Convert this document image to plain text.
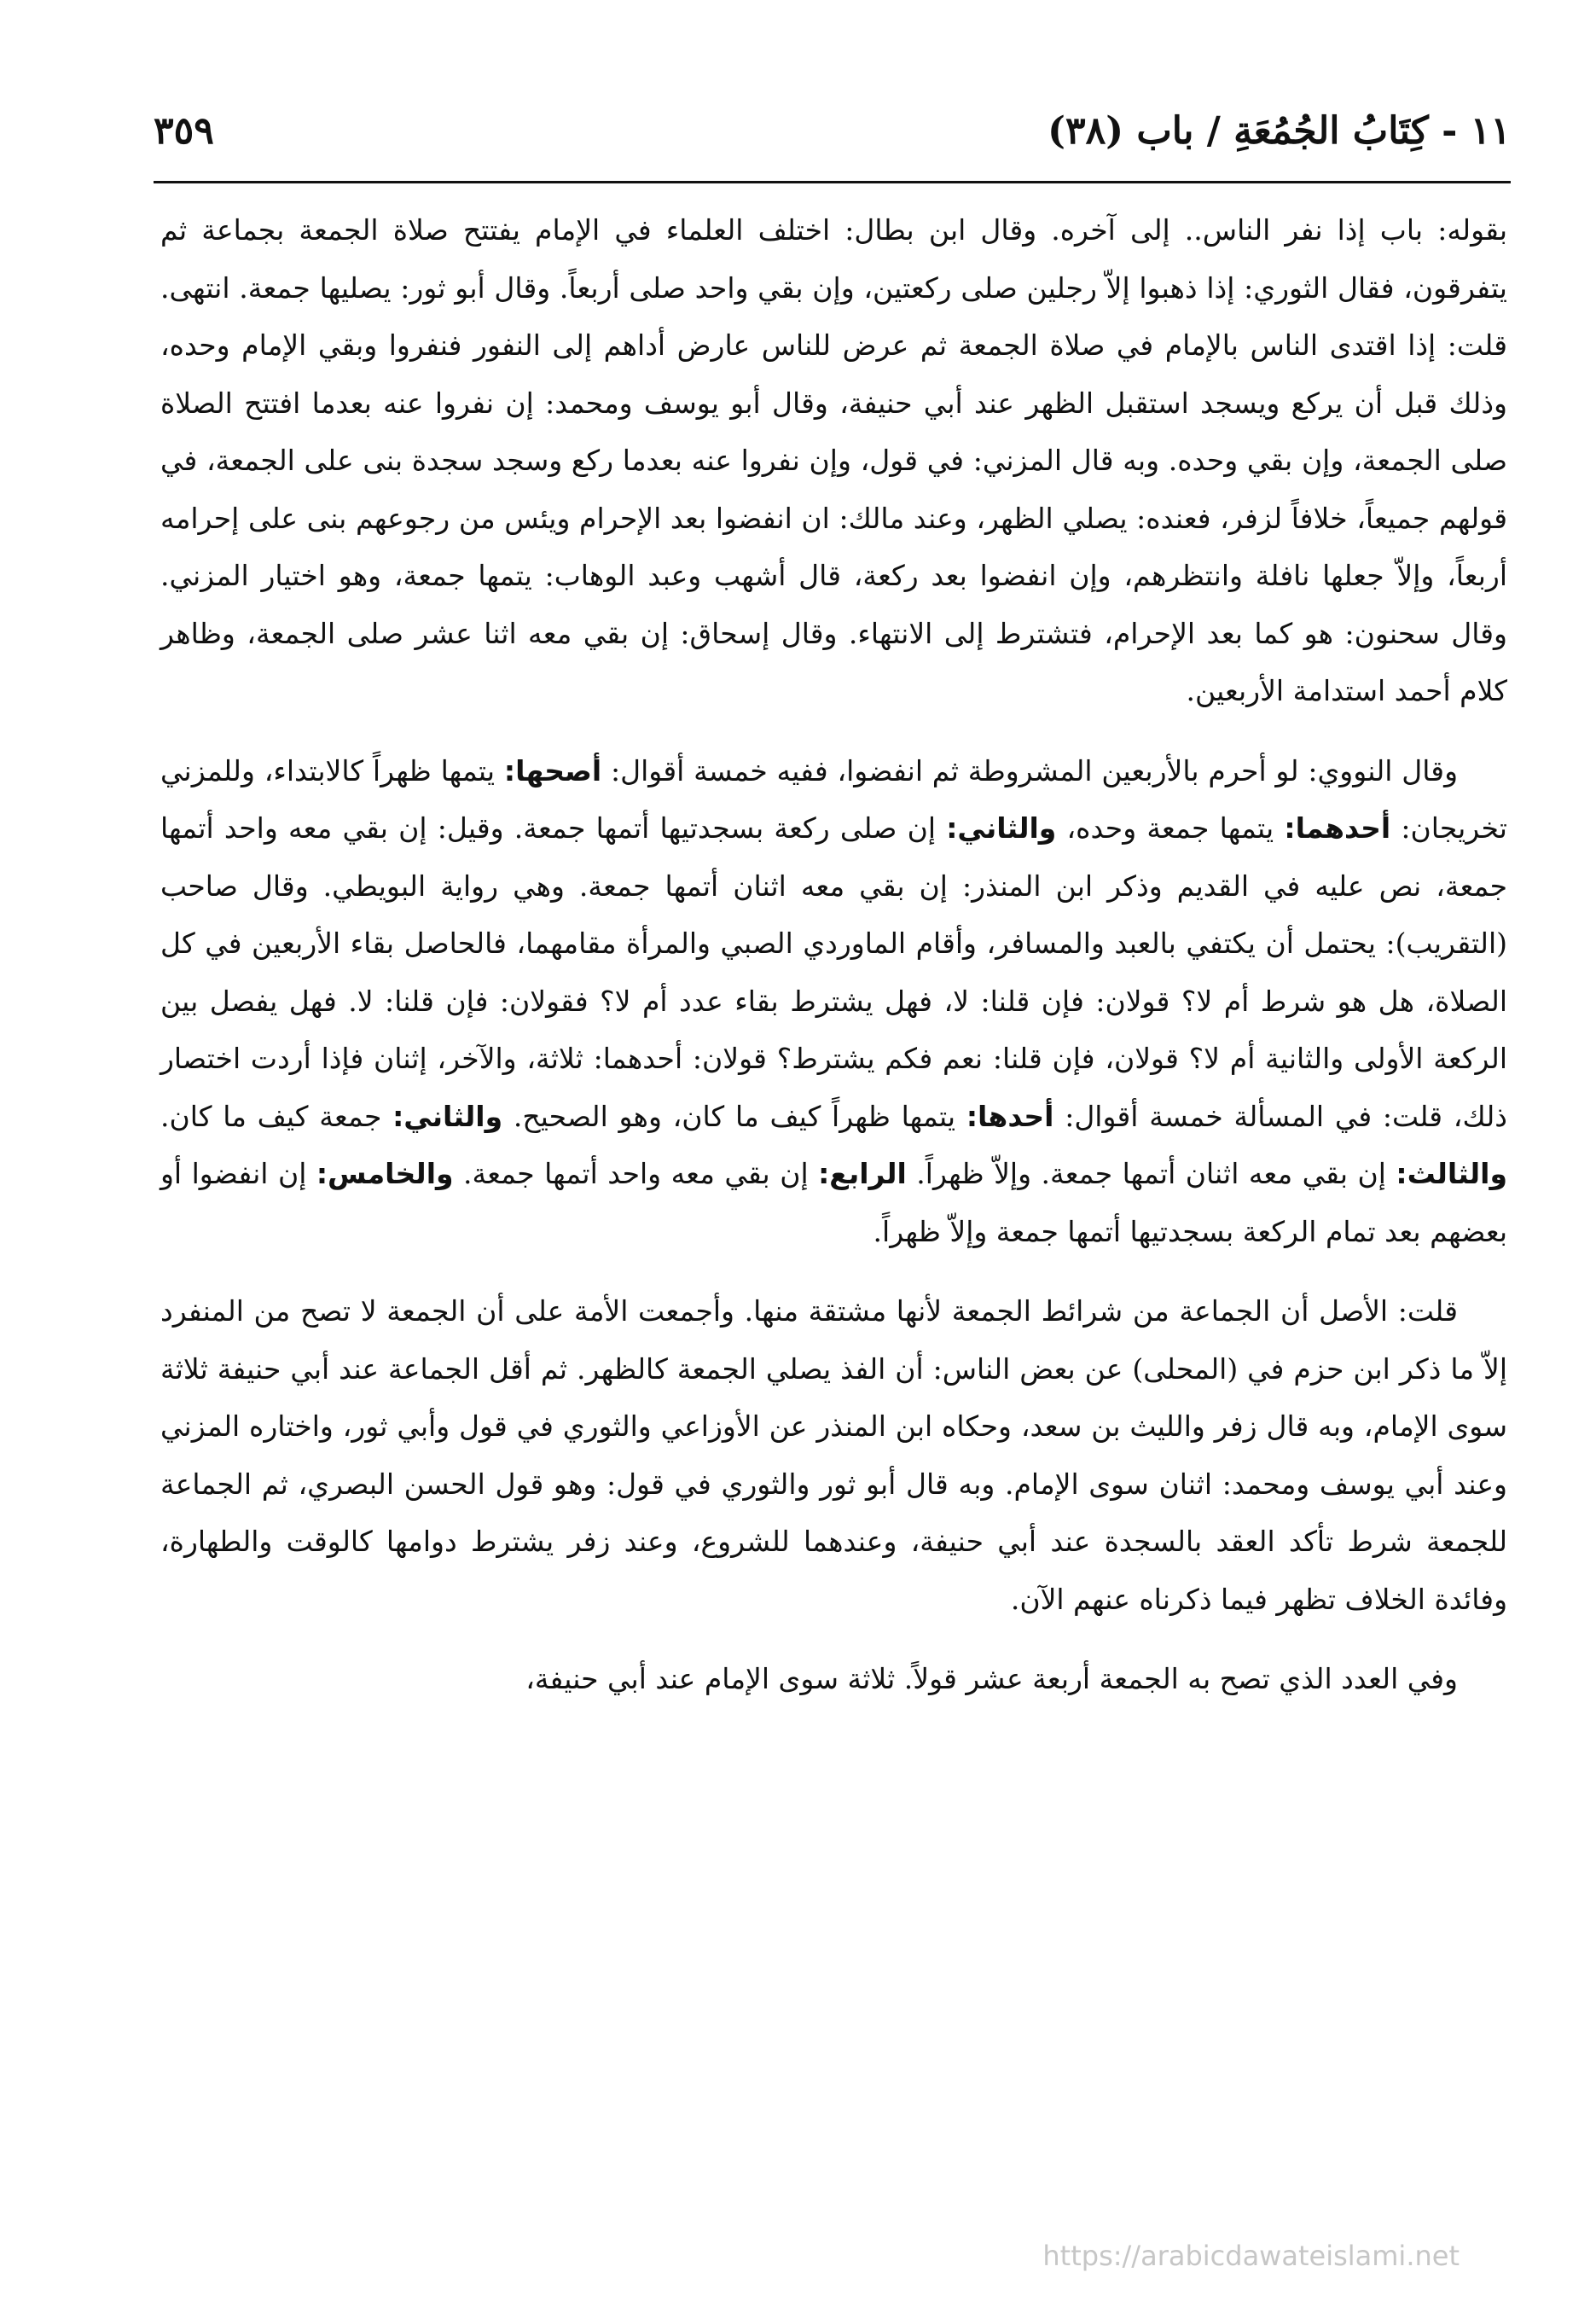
١١ - كِتَابُ الجُمُعَةِ / باب (٣٨)
٣٥٩

بقوله: باب إذا نفر الناس.. إلى آخره. وقال ابن بطال: اختلف العلماء في الإمام يفتتح صلاة الجمعة بجماعة ثم يتفرقون، فقال الثوري: إذا ذهبوا إلاّ رجلين صلى ركعتين، وإن بقي واحد صلى أربعاً. وقال أبو ثور: يصليها جمعة. انتهى. قلت: إذا اقتدى الناس بالإمام في صلاة الجمعة ثم عرض للناس عارض أداهم إلى النفور فنفروا وبقي الإمام وحده، وذلك قبل أن يركع ويسجد استقبل الظهر عند أبي حنيفة، وقال أبو يوسف ومحمد: إن نفروا عنه بعدما افتتح الصلاة صلى الجمعة، وإن بقي وحده. وبه قال المزني: في قول، وإن نفروا عنه بعدما ركع وسجد سجدة بنى على الجمعة، في قولهم جميعاً، خلافاً لزفر، فعنده: يصلي الظهر، وعند مالك: ان انفضوا بعد الإحرام ويئس من رجوعهم بنى على إحرامه أربعاً، وإلاّ جعلها نافلة وانتظرهم، وإن انفضوا بعد ركعة، قال أشهب وعبد الوهاب: يتمها جمعة، وهو اختيار المزني. وقال سحنون: هو كما بعد الإحرام، فتشترط إلى الانتهاء. وقال إسحاق: إن بقي معه اثنا عشر صلى الجمعة، وظاهر كلام أحمد استدامة الأربعين.

وقال النووي: لو أحرم بالأربعين المشروطة ثم انفضوا، ففيه خمسة أقوال: أصحها: يتمها ظهراً كالابتداء، وللمزني تخريجان: أحدهما: يتمها جمعة وحده، والثاني: إن صلى ركعة بسجدتيها أتمها جمعة. وقيل: إن بقي معه واحد أتمها جمعة، نص عليه في القديم وذكر ابن المنذر: إن بقي معه اثنان أتمها جمعة. وهي رواية البويطي. وقال صاحب (التقريب): يحتمل أن يكتفي بالعبد والمسافر، وأقام الماوردي الصبي والمرأة مقامهما، فالحاصل بقاء الأربعين في كل الصلاة، هل هو شرط أم لا؟ قولان: فإن قلنا: لا، فهل يشترط بقاء عدد أم لا؟ فقولان: فإن قلنا: لا. فهل يفصل بين الركعة الأولى والثانية أم لا؟ قولان، فإن قلنا: نعم فكم يشترط؟ قولان: أحدهما: ثلاثة، والآخر، إثنان فإذا أردت اختصار ذلك، قلت: في المسألة خمسة أقوال: أحدها: يتمها ظهراً كيف ما كان، وهو الصحيح. والثاني: جمعة كيف ما كان. والثالث: إن بقي معه اثنان أتمها جمعة. وإلاّ ظهراً. الرابع: إن بقي معه واحد أتمها جمعة. والخامس: إن انفضوا أو بعضهم بعد تمام الركعة بسجدتيها أتمها جمعة وإلاّ ظهراً.

قلت: الأصل أن الجماعة من شرائط الجمعة لأنها مشتقة منها. وأجمعت الأمة على أن الجمعة لا تصح من المنفرد إلاّ ما ذكر ابن حزم في (المحلى) عن بعض الناس: أن الفذ يصلي الجمعة كالظهر. ثم أقل الجماعة عند أبي حنيفة ثلاثة سوى الإمام، وبه قال زفر والليث بن سعد، وحكاه ابن المنذر عن الأوزاعي والثوري في قول وأبي ثور، واختاره المزني وعند أبي يوسف ومحمد: اثنان سوى الإمام. وبه قال أبو ثور والثوري في قول: وهو قول الحسن البصري، ثم الجماعة للجمعة شرط تأكد العقد بالسجدة عند أبي حنيفة، وعندهما للشروع، وعند زفر يشترط دوامها كالوقت والطهارة، وفائدة الخلاف تظهر فيما ذكرناه عنهم الآن.

وفي العدد الذي تصح به الجمعة أربعة عشر قولاً. ثلاثة سوى الإمام عند أبي حنيفة،

https://arabicdawateislami.net
